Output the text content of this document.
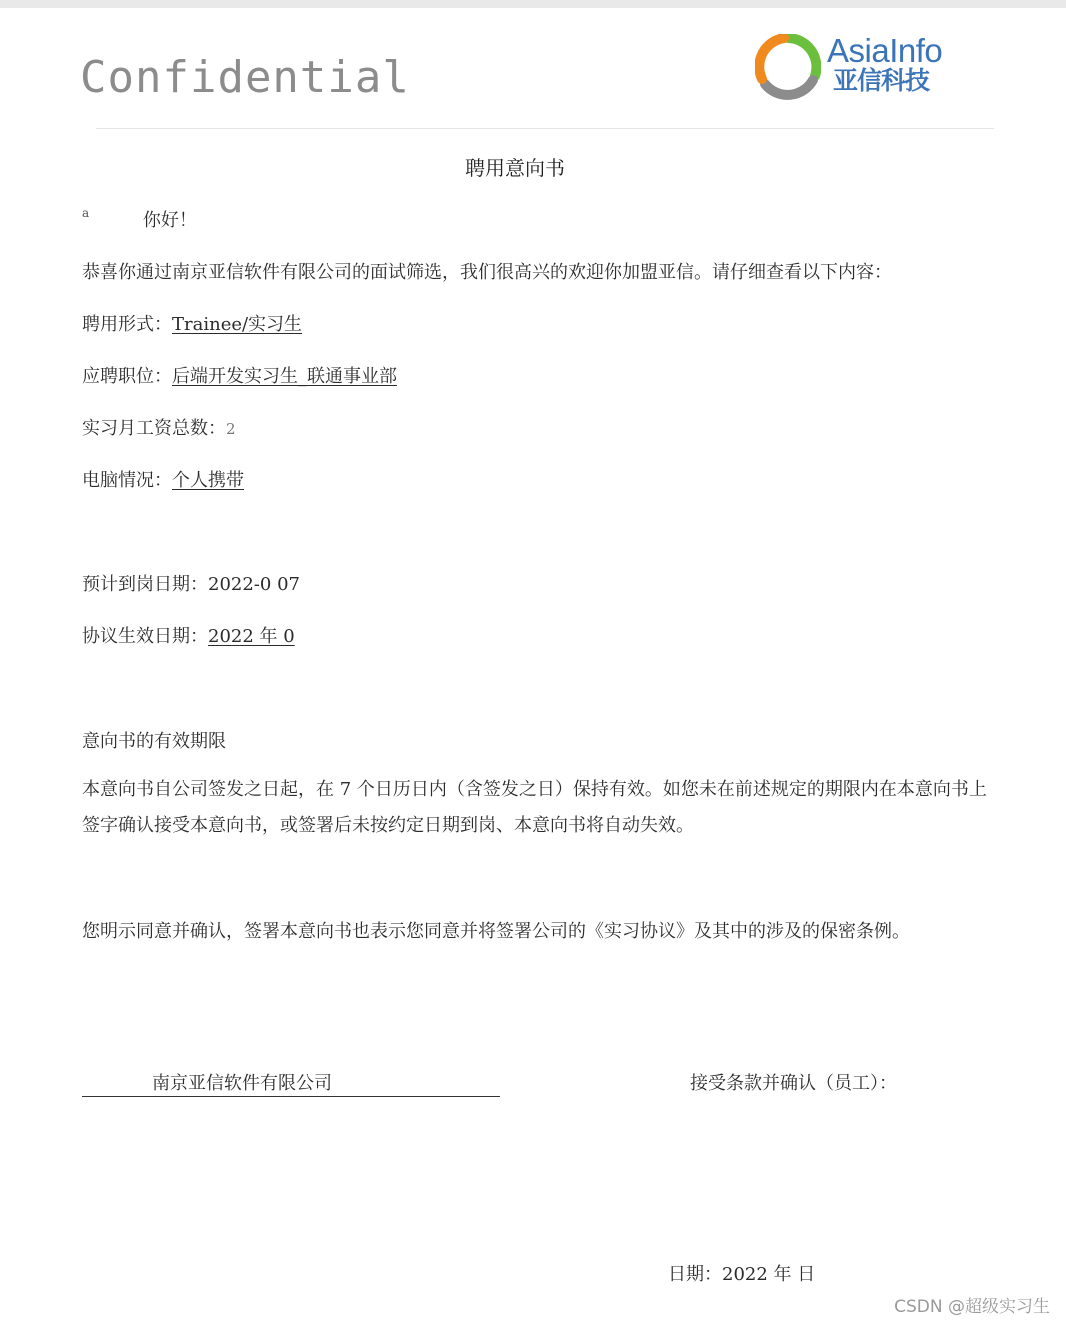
Confidential
AsiaInfo
亚信科技
聘用意向书
$^a$	你好！
恭喜你通过南京亚信软件有限公司的面试筛选，我们很高兴的欢迎你加盟亚信。请仔细查看以下内容：
聘用形式：Trainee/实习生
应聘职位：后端开发实习生_联通事业部
实习月工资总数：2
电脑情况：个人携带
预计到岗日期：2022-0 07
协议生效日期：2022 年 0
意向书的有效期限
本意向书自公司签发之日起，在 7 个日历日内（含签发之日）保持有效。如您未在前述规定的期限内在本意向书上签字确认接受本意向书，或签署后未按约定日期到岗、本意向书将自动失效。
您明示同意并确认，签署本意向书也表示您同意并将签署公司的《实习协议》及其中的涉及的保密条例。
南京亚信软件有限公司	接受条款并确认（员工）：
日期：2022 年 日
CSDN @超级实习生
